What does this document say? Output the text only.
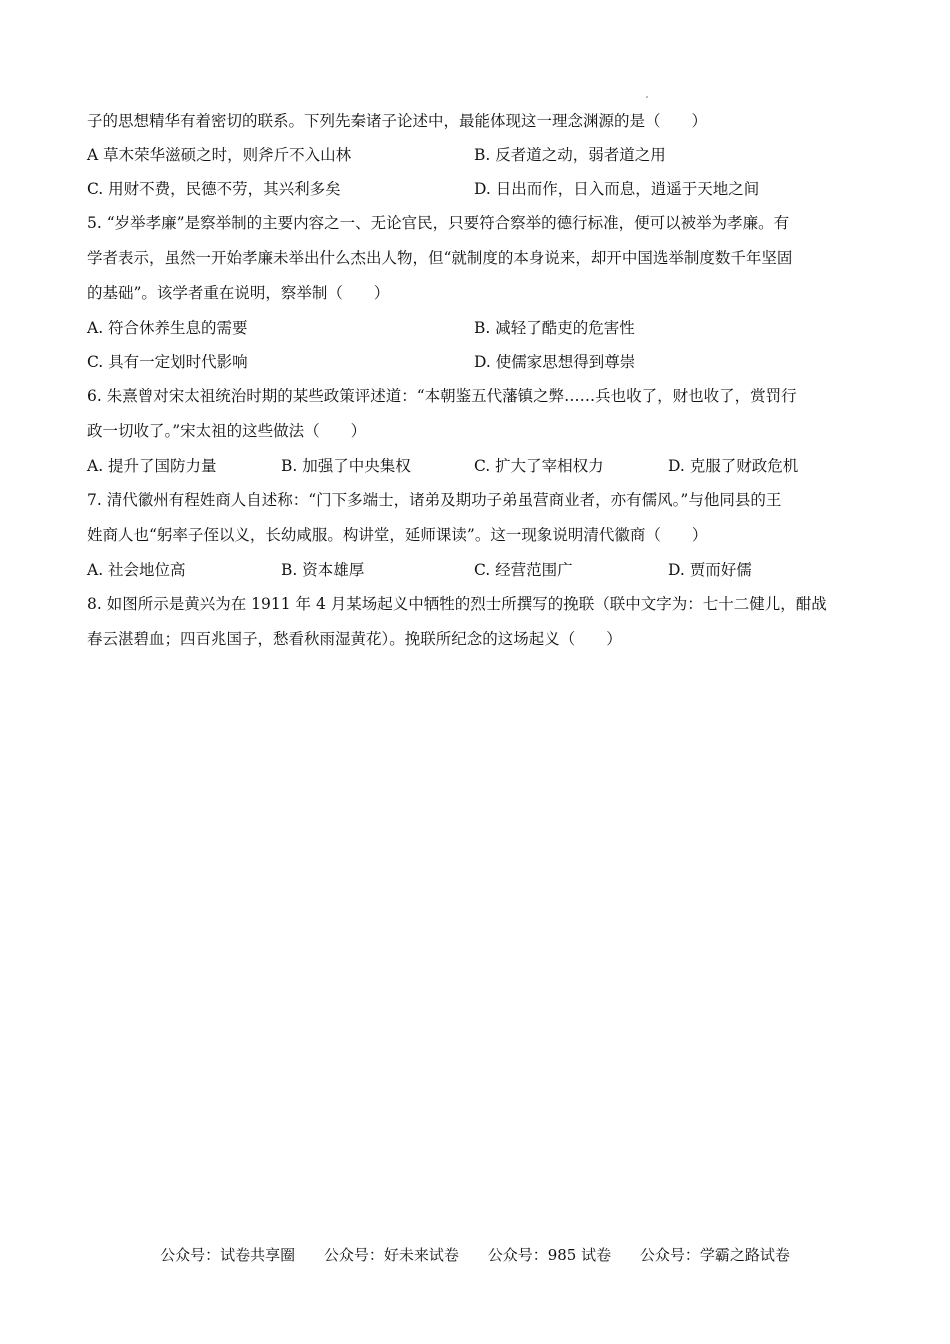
子的思想精华有着密切的联系。下列先秦诸子论述中，最能体现这一理念渊源的是（　　）
A 草木荣华滋硕之时，则斧斤不入山林	B. 反者道之动，弱者道之用
C. 用财不费，民德不劳，其兴利多矣	D. 日出而作，日入而息，逍遥于天地之间
5. “岁举孝廉”是察举制的主要内容之一、无论官民，只要符合察举的德行标准，便可以被举为孝廉。有
学者表示，虽然一开始孝廉未举出什么杰出人物，但“就制度的本身说来，却开中国选举制度数千年坚固
的基础”。该学者重在说明，察举制（　　）
A. 符合休养生息的需要	B. 减轻了酷吏的危害性
C. 具有一定划时代影响	D. 使儒家思想得到尊崇
6. 朱熹曾对宋太祖统治时期的某些政策评述道：“本朝鉴五代藩镇之弊……兵也收了，财也收了，赏罚行
政一切收了。”宋太祖的这些做法（　　）
A. 提升了国防力量	B. 加强了中央集权	C. 扩大了宰相权力	D. 克服了财政危机
7. 清代徽州有程姓商人自述称：“门下多端士，诸弟及期功子弟虽营商业者，亦有儒风。”与他同县的王
姓商人也“躬率子侄以义，长幼咸服。构讲堂，延师课读”。这一现象说明清代徽商（　　）
A. 社会地位高	B. 资本雄厚	C. 经营范围广	D. 贾而好儒
8. 如图所示是黄兴为在 1911 年 4 月某场起义中牺牲的烈士所撰写的挽联（联中文字为：七十二健儿，酣战
春云湛碧血；四百兆国子，愁看秋雨湿黄花）。挽联所纪念的这场起义（　　）
公众号：试卷共享圈 公众号：好未来试卷 公众号：985 试卷 公众号：学霸之路试卷
